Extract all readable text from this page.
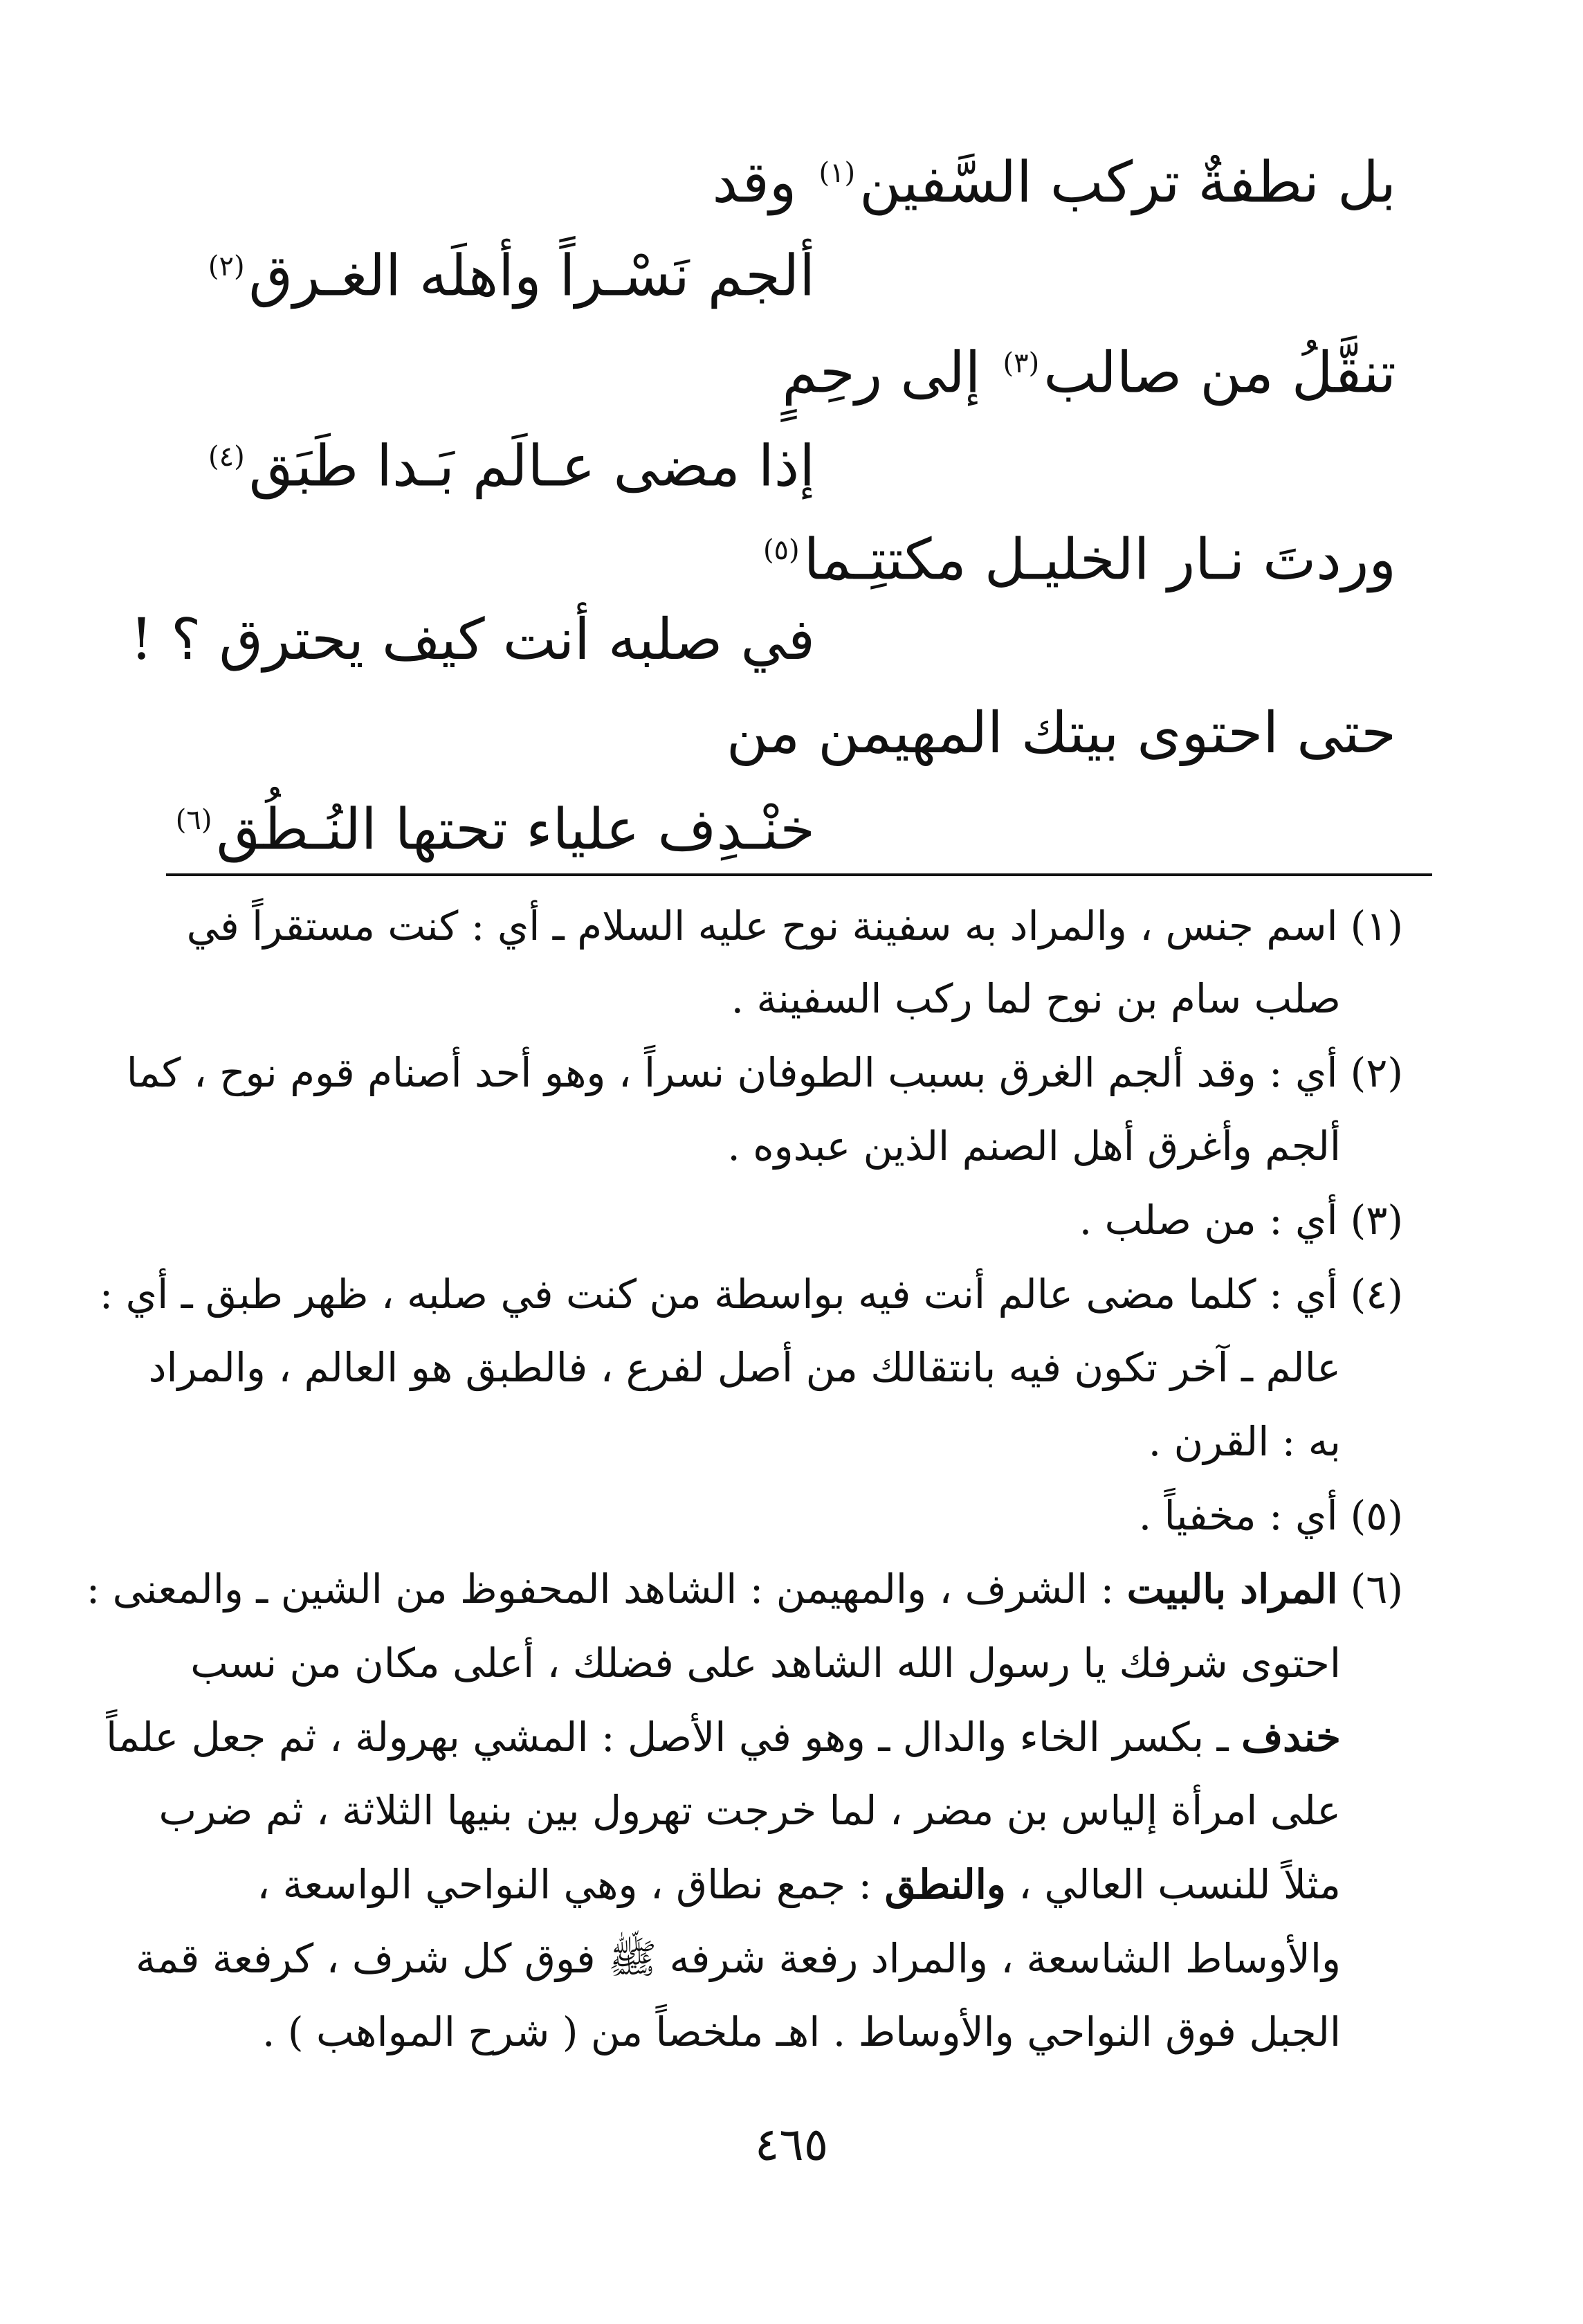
بل نطفةٌ تركب السَّفين$^{(١)}$ وقد
ألجم نَسْـراً وأهلَه الغـرق$^{(٢)}$
تنقَّلُ من صالب$^{(٣)}$ إلى رحِمٍ
إذا مضى عـالَم بَـدا طَبَق$^{(٤)}$
وردتَ نـار الخليـل مكتتِـما$^{(٥)}$
في صلبه أنت كيف يحترق ؟ !
حتى احتوى بيتك المهيمن من
خنْـدِف علياء تحتها النُـطُق$^{(٦)}$
(١)اسم جنس ، والمراد به سفينة نوح عليه السلام ـ أي : كنت مستقراً في
صلب سام بن نوح لما ركب السفينة .
(٢)أي : وقد ألجم الغرق بسبب الطوفان نسراً ، وهو أحد أصنام قوم نوح ، كما
ألجم وأغرق أهل الصنم الذين عبدوه .
(٣)أي : من صلب .
(٤)أي : كلما مضى عالم أنت فيه بواسطة من كنت في صلبه ، ظهر طبق ـ أي :
عالم ـ آخر تكون فيه بانتقالك من أصل لفرع ، فالطبق هو العالم ، والمراد
به : القرن .
(٥)أي : مخفياً .
(٦)المراد بالبيت : الشرف ، والمهيمن : الشاهد المحفوظ من الشين ـ والمعنى :
احتوى شرفك يا رسول الله الشاهد على فضلك ، أعلى مكان من نسب
خندف ـ بكسر الخاء والدال ـ وهو في الأصل : المشي بهرولة ، ثم جعل علماً
على امرأة إلياس بن مضر ، لما خرجت تهرول بين بنيها الثلاثة ، ثم ضرب
مثلاً للنسب العالي ، والنطق : جمع نطاق ، وهي النواحي الواسعة ،
والأوساط الشاسعة ، والمراد رفعة شرفه ﷺ فوق كل شرف ، كرفعة قمة
الجبل فوق النواحي والأوساط . اهـ ملخصاً من ( شرح المواهب ) .
٤٦٥
